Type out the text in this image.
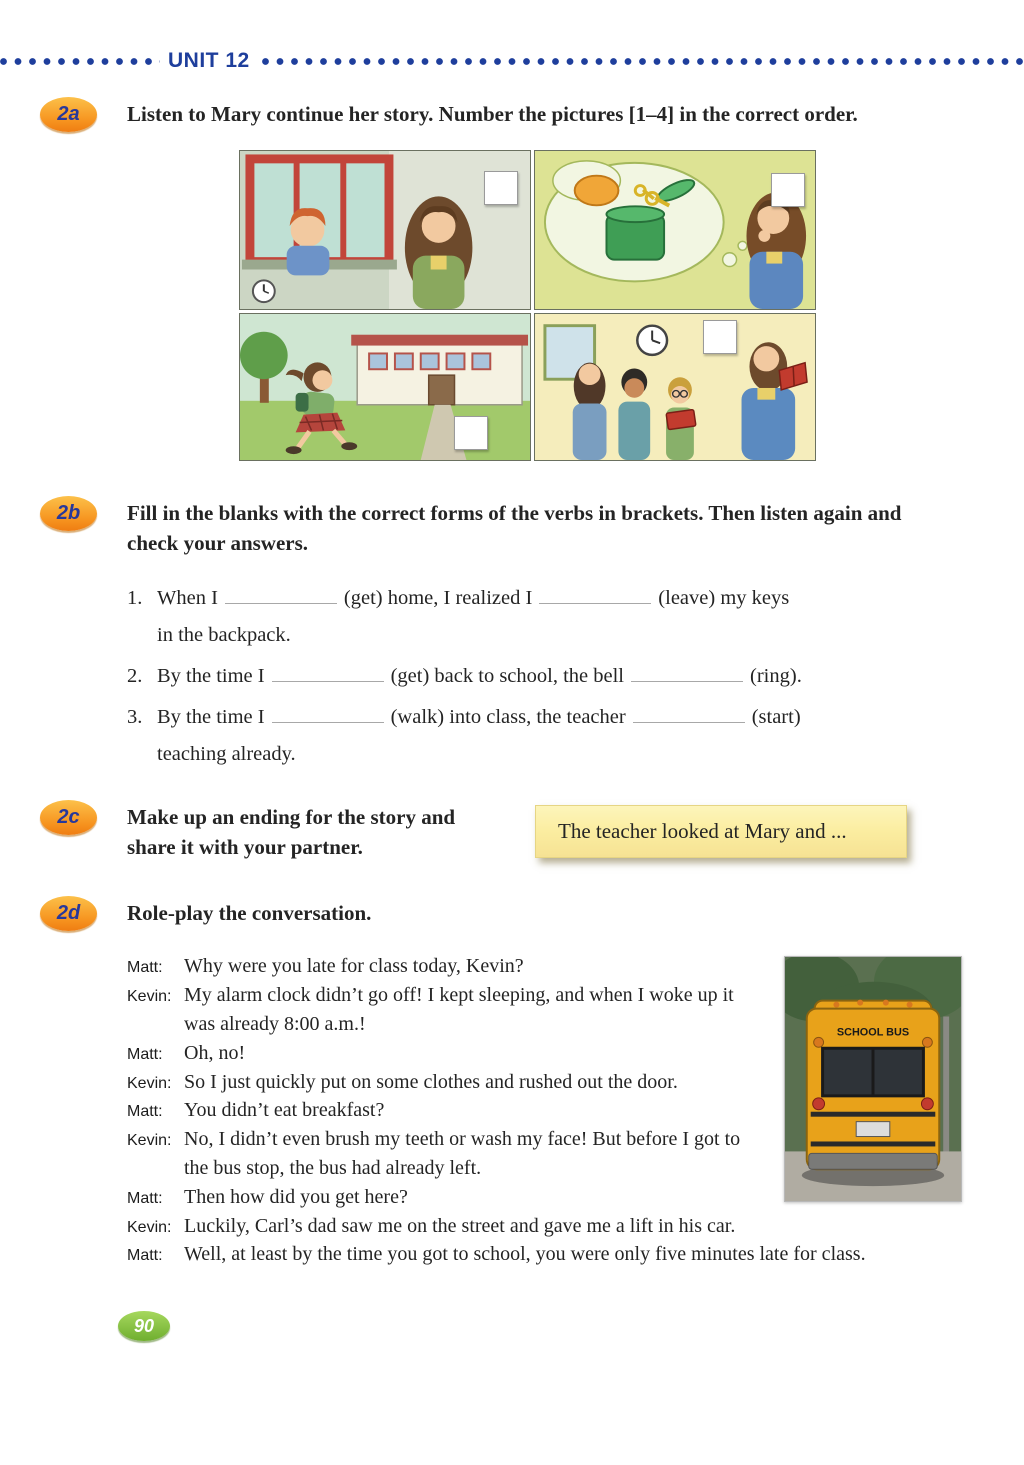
UNIT 12
2a	Listen to Mary continue her story. Number the pictures [1–4] in the correct order.
2b	Fill in the blanks with the correct forms of the verbs in brackets. Then listen again and check your answers.
1. When I	(get) home, I realized I	(leave) my keys
in the backpack.
2. By the time I	(get) back to school, the bell	(ring).
3. By the time I	(walk) into class, the teacher	(start)
teaching already.
2c	Make up an ending for the story and share it with your partner.
The teacher looked at Mary and ...
2d	Role-play the conversation.
SCHOOL BUS

Matt: Why were you late for class today, Kevin?

Kevin: My alarm clock didn’t go off! I kept sleeping, and when I woke up it was already 8:00 a.m.!

Matt: Oh, no!

Kevin: So I just quickly put on some clothes and rushed out the door.

Matt: You didn’t eat breakfast?

Kevin: No, I didn’t even brush my teeth or wash my face! But before I got to the bus stop, the bus had already left.

Matt: Then how did you get here?

Kevin: Luckily, Carl’s dad saw me on the street and gave me a lift in his car.

Matt: Well, at least by the time you got to school, you were only five minutes late for class.

90
